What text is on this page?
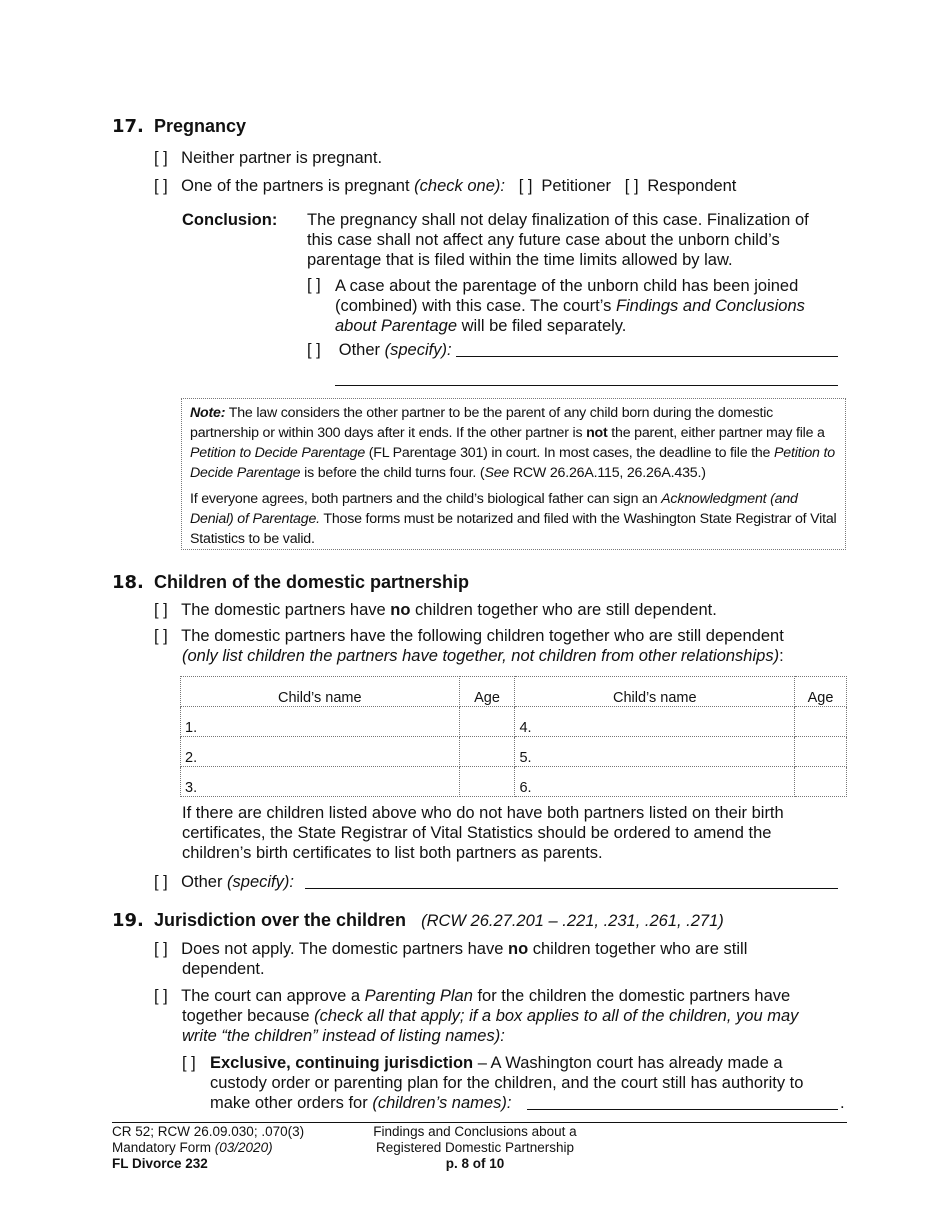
17. Pregnancy
[ ] Neither partner is pregnant.
[ ] One of the partners is pregnant (check one): [ ] Petitioner [ ] Respondent
Conclusion: The pregnancy shall not delay finalization of this case. Finalization of
this case shall not affect any future case about the unborn child’s
parentage that is filed within the time limits allowed by law.
[ ] A case about the parentage of the unborn child has been joined
(combined) with this case. The court’s Findings and Conclusions
about Parentage will be filed separately.
[ ] Other (specify):

Note: The law considers the other partner to be the parent of any child born during the domestic partnership or within 300 days after it ends. If the other partner is not the parent, either partner may file a Petition to Decide Parentage (FL Parentage 301) in court. In most cases, the deadline to file the Petition to Decide Parentage is before the child turns four. (See RCW 26.26A.115, 26.26A.435.)

If everyone agrees, both partners and the child’s biological father can sign an Acknowledgment (and Denial) of Parentage. Those forms must be notarized and filed with the Washington State Registrar of Vital Statistics to be valid.

18. Children of the domestic partnership
[ ] The domestic partners have no children together who are still dependent.
[ ] The domestic partners have the following children together who are still dependent
(only list children the partners have together, not children from other relationships):
Child’s name	Age	Child’s name	Age
1.		4.	
2.		5.	
3.		6.	
If there are children listed above who do not have both partners listed on their birth
certificates, the State Registrar of Vital Statistics should be ordered to amend the
children’s birth certificates to list both partners as parents.
[ ] Other (specify):
19. Jurisdiction over the children (RCW 26.27.201 – .221, .231, .261, .271)
[ ] Does not apply. The domestic partners have no children together who are still
dependent.
[ ] The court can approve a Parenting Plan for the children the domestic partners have
together because (check all that apply; if a box applies to all of the children, you may
write “the children” instead of listing names):
[ ] Exclusive, continuing jurisdiction – A Washington court has already made a
custody order or parenting plan for the children, and the court still has authority to
make other orders for (children’s names):	.
CR 52; RCW 26.09.030; .070(3)
Mandatory Form (03/2020)
FL Divorce 232
Findings and Conclusions about a
Registered Domestic Partnership
p. 8 of 10
